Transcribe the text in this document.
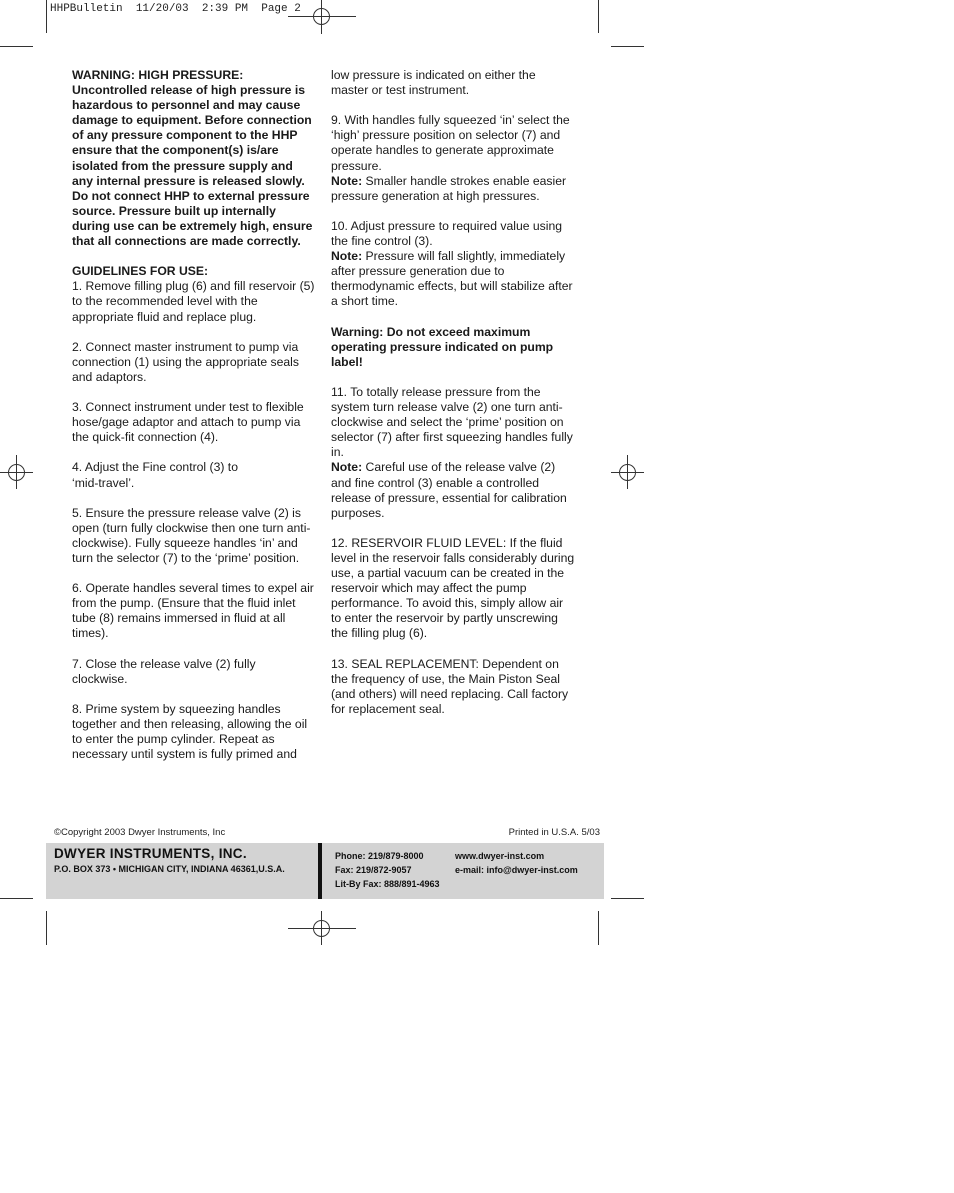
HHPBulletin  11/20/03  2:39 PM  Page 2

WARNING: HIGH PRESSURE:
Uncontrolled release of high pressure is hazardous to personnel and may cause damage to equipment. Before connection of any pressure component to the HHP ensure that the component(s) is/are isolated from the pressure supply and any internal pressure is released slowly. Do not connect HHP to external pressure source. Pressure built up internally during use can be extremely high, ensure that all connections are made correctly.

GUIDELINES FOR USE:
1. Remove filling plug (6) and fill reservoir (5) to the recommended level with the appropriate fluid and replace plug.

2. Connect master instrument to pump via connection (1) using the appropriate seals and adaptors.

3. Connect instrument under test to flexible hose/gage adaptor and attach to pump via the quick-fit connection (4).

4. Adjust the Fine control (3) to ‘mid-travel’.

5. Ensure the pressure release valve (2) is open (turn fully clockwise then one turn anti-clockwise). Fully squeeze handles ‘in’ and turn the selector (7) to the ‘prime’ position.

6. Operate handles several times to expel air from the pump. (Ensure that the fluid inlet tube (8) remains immersed in fluid at all times).

7. Close the release valve (2) fully clockwise.

8. Prime system by squeezing handles together and then releasing, allowing the oil to enter the pump cylinder. Repeat as necessary until system is fully primed and

low pressure is indicated on either the master or test instrument.

9. With handles fully squeezed ‘in’ select the ‘high’ pressure position on selector (7) and operate handles to generate approximate pressure.
Note: Smaller handle strokes enable easier pressure generation at high pressures.

10. Adjust pressure to required value using the fine control (3).
Note: Pressure will fall slightly, immediately after pressure generation due to thermodynamic effects, but will stabilize after a short time.

Warning: Do not exceed maximum operating pressure indicated on pump label!

11. To totally release pressure from the system turn release valve (2) one turn anti-clockwise and select the ‘prime’ position on selector (7) after first squeezing handles fully in.
Note: Careful use of the release valve (2) and fine control (3) enable a controlled release of pressure, essential for calibration purposes.

12. RESERVOIR FLUID LEVEL: If the fluid level in the reservoir falls considerably during use, a partial vacuum can be created in the reservoir which may affect the pump performance. To avoid this, simply allow air to enter the reservoir by partly unscrewing the filling plug (6).

13. SEAL REPLACEMENT: Dependent on the frequency of use, the Main Piston Seal (and others) will need replacing. Call factory for replacement seal.

©Copyright 2003 Dwyer Instruments, Inc	Printed in U.S.A. 5/03
DWYER INSTRUMENTS, INC.
P.O. BOX 373 • MICHIGAN CITY, INDIANA 46361,U.S.A.
Phone: 219/879-8000
Fax: 219/872-9057
Lit-By Fax: 888/891-4963
www.dwyer-inst.com
e-mail: info@dwyer-inst.com
